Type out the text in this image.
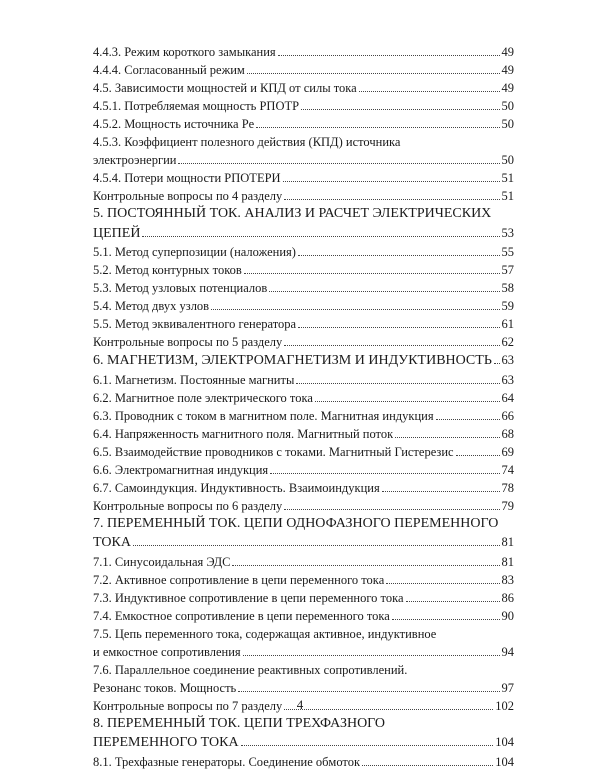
4.4.3. Режим короткого замыкания	49
4.4.4. Согласованный режим	49
4.5. Зависимости мощностей и КПД от силы тока	49
4.5.1. Потребляемая мощность PПОТР	50
4.5.2. Мощность источника Pe	50
4.5.3. Коэффициент полезного действия (КПД) источника
электроэнергии	50
4.5.4. Потери мощности PПОТЕРИ	51
Контрольные вопросы по 4 разделу	51
5. ПОСТОЯННЫЙ ТОК. АНАЛИЗ И РАСЧЕТ ЭЛЕКТРИЧЕСКИХ
ЦЕПЕЙ	53
5.1. Метод суперпозиции (наложения)	55
5.2. Метод контурных токов	57
5.3. Метод узловых потенциалов	58
5.4. Метод двух узлов	59
5.5. Метод эквивалентного генератора	61
Контрольные вопросы по 5 разделу	62
6. МАГНЕТИЗМ, ЭЛЕКТРОМАГНЕТИЗМ И ИНДУКТИВНОСТЬ 63
6.1. Магнетизм. Постоянные магниты	63
6.2. Магнитное поле электрического тока	64
6.3. Проводник с током в магнитном поле. Магнитная индукция	66
6.4. Напряженность магнитного поля. Магнитный поток	68
6.5. Взаимодействие проводников с токами. Магнитный Гистерезис	69
6.6. Электромагнитная индукция	74
6.7. Самоиндукция. Индуктивность. Взаимоиндукция	78
Контрольные вопросы по 6 разделу	79
7. ПЕРЕМЕННЫЙ ТОК. ЦЕПИ ОДНОФАЗНОГО ПЕРЕМЕННОГО
ТОКА	81
7.1. Синусоидальная ЭДС	81
7.2. Активное сопротивление в цепи переменного тока	83
7.3. Индуктивное сопротивление в цепи переменного тока	86
7.4. Емкостное сопротивление в цепи переменного тока	90
7.5. Цепь переменного тока, содержащая активное, индуктивное
и емкостное сопротивления	94
7.6. Параллельное соединение реактивных сопротивлений.
Резонанс токов. Мощность	97
Контрольные вопросы по 7 разделу	102
8. ПЕРЕМЕННЫЙ ТОК. ЦЕПИ ТРЕХФАЗНОГО
ПЕРЕМЕННОГО ТОКА	104
8.1. Трехфазные генераторы. Соединение обмоток	104
4
